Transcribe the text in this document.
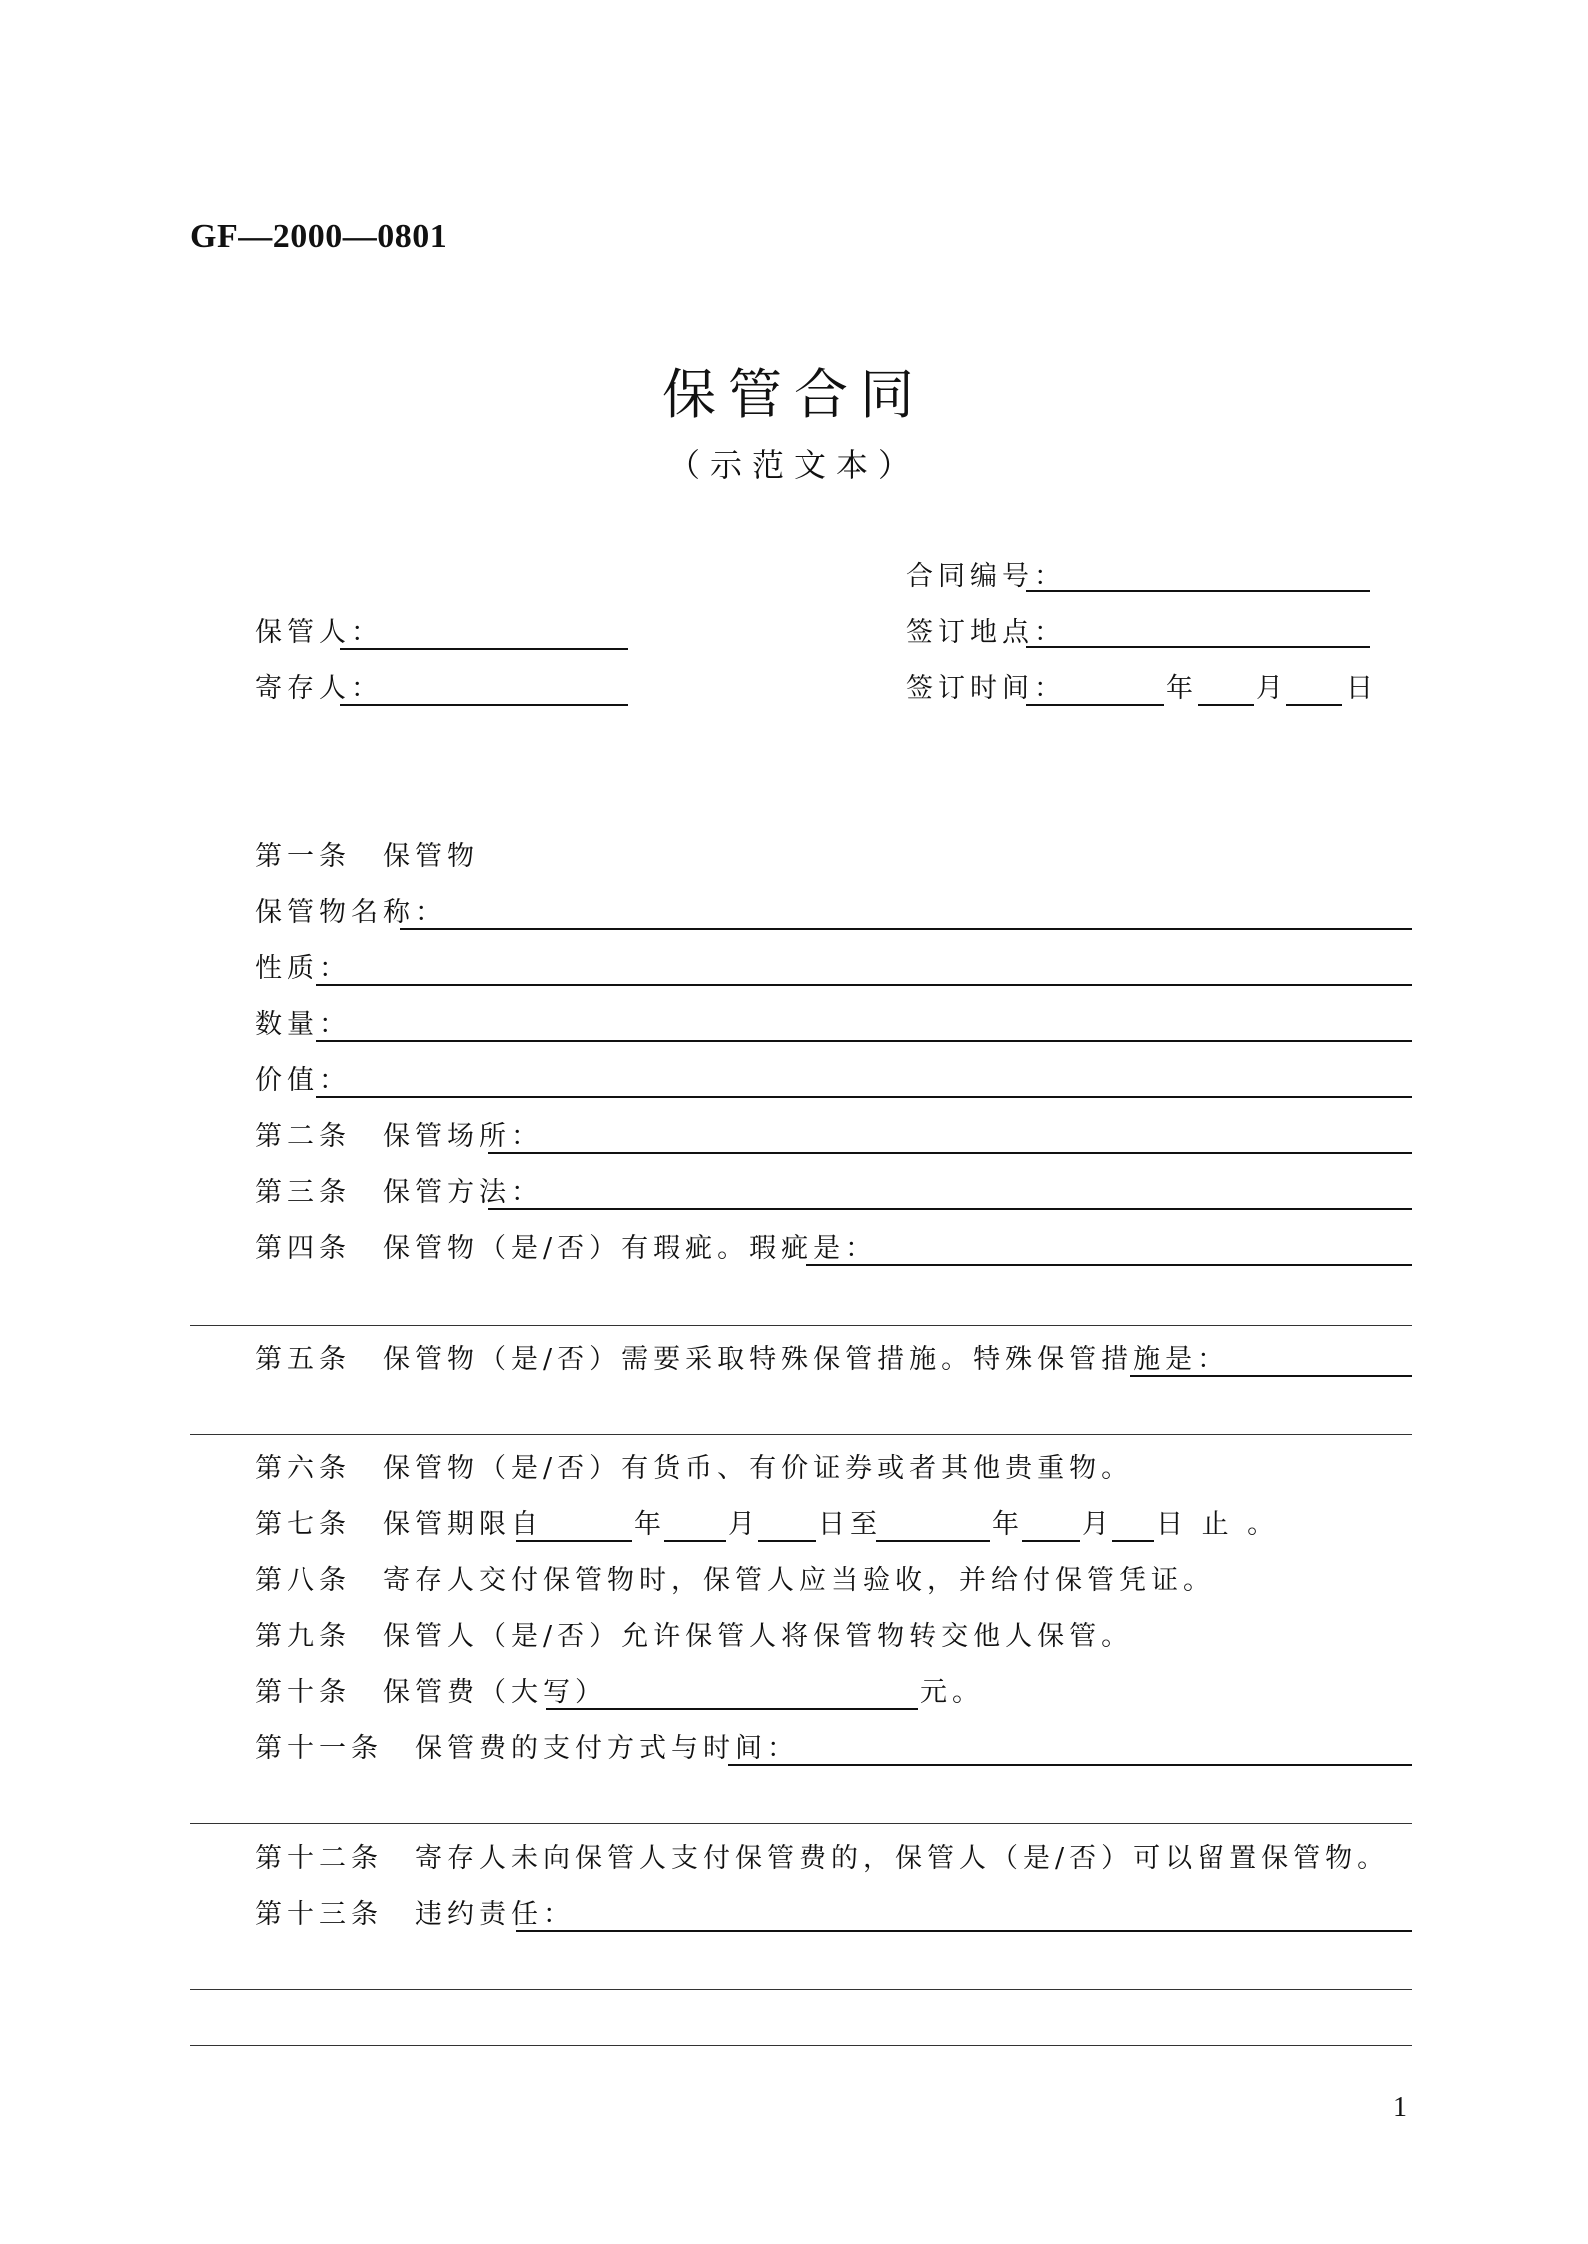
GF—2000—0801
保管合同
（示范文本）
合同编号：
签订地点：
签订时间：	年 月 日
保管人：
寄存人：
第一条　保管物
保管物名称：
性质：
数量：
价值：
第二条　保管场所：
第三条　保管方法：
第四条　保管物（是/否）有瑕疵。瑕疵是：
第五条　保管物（是/否）需要采取特殊保管措施。特殊保管措施是：
第六条　保管物（是/否）有货币、有价证券或者其他贵重物。
第七条　保管期限自	年 月 日至	年 月 日 止 。
第八条　寄存人交付保管物时，保管人应当验收，并给付保管凭证。
第九条　保管人（是/否）允许保管人将保管物转交他人保管。
第十条　保管费（大写）	元。
第十一条　保管费的支付方式与时间：
第十二条　寄存人未向保管人支付保管费的，保管人（是/否）可以留置保管物。
第十三条　违约责任：
1
